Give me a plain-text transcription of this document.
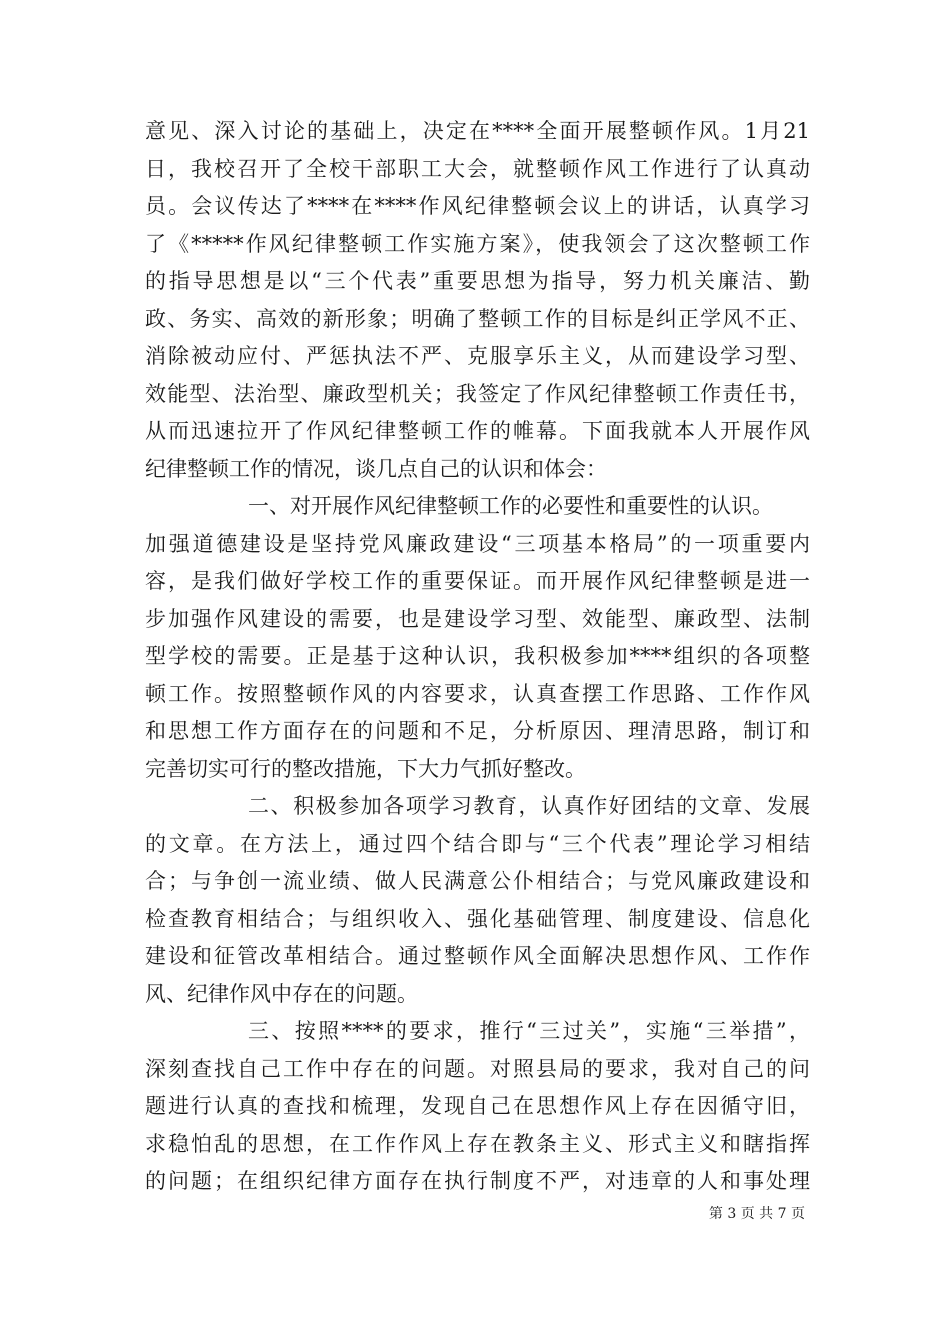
意见、深入讨论的基础上，决定在****全面开展整顿作风。1月21
日，我校召开了全校干部职工大会，就整顿作风工作进行了认真动
员。会议传达了****在****作风纪律整顿会议上的讲话，认真学习
了《*****作风纪律整顿工作实施方案》，使我领会了这次整顿工作
的指导思想是以“三个代表”重要思想为指导，努力机关廉洁、勤
政、务实、高效的新形象；明确了整顿工作的目标是纠正学风不正、
消除被动应付、严惩执法不严、克服享乐主义，从而建设学习型、
效能型、法治型、廉政型机关；我签定了作风纪律整顿工作责任书，
从而迅速拉开了作风纪律整顿工作的帷幕。下面我就本人开展作风
纪律整顿工作的情况，谈几点自己的认识和体会：
一、对开展作风纪律整顿工作的必要性和重要性的认识。
加强道德建设是坚持党风廉政建设“三项基本格局”的一项重要内
容，是我们做好学校工作的重要保证。而开展作风纪律整顿是进一
步加强作风建设的需要，也是建设学习型、效能型、廉政型、法制
型学校的需要。正是基于这种认识，我积极参加****组织的各项整
顿工作。按照整顿作风的内容要求，认真查摆工作思路、工作作风
和思想工作方面存在的问题和不足，分析原因、理清思路，制订和
完善切实可行的整改措施，下大力气抓好整改。
二、积极参加各项学习教育，认真作好团结的文章、发展
的文章。在方法上，通过四个结合即与“三个代表”理论学习相结
合；与争创一流业绩、做人民满意公仆相结合；与党风廉政建设和
检查教育相结合；与组织收入、强化基础管理、制度建设、信息化
建设和征管改革相结合。通过整顿作风全面解决思想作风、工作作
风、纪律作风中存在的问题。
三、按照****的要求，推行“三过关”，实施“三举措”，
深刻查找自己工作中存在的问题。对照县局的要求，我对自己的问
题进行认真的查找和梳理，发现自己在思想作风上存在因循守旧，
求稳怕乱的思想，在工作作风上存在教条主义、形式主义和瞎指挥
的问题；在组织纪律方面存在执行制度不严，对违章的人和事处理
第 3 页 共 7 页
